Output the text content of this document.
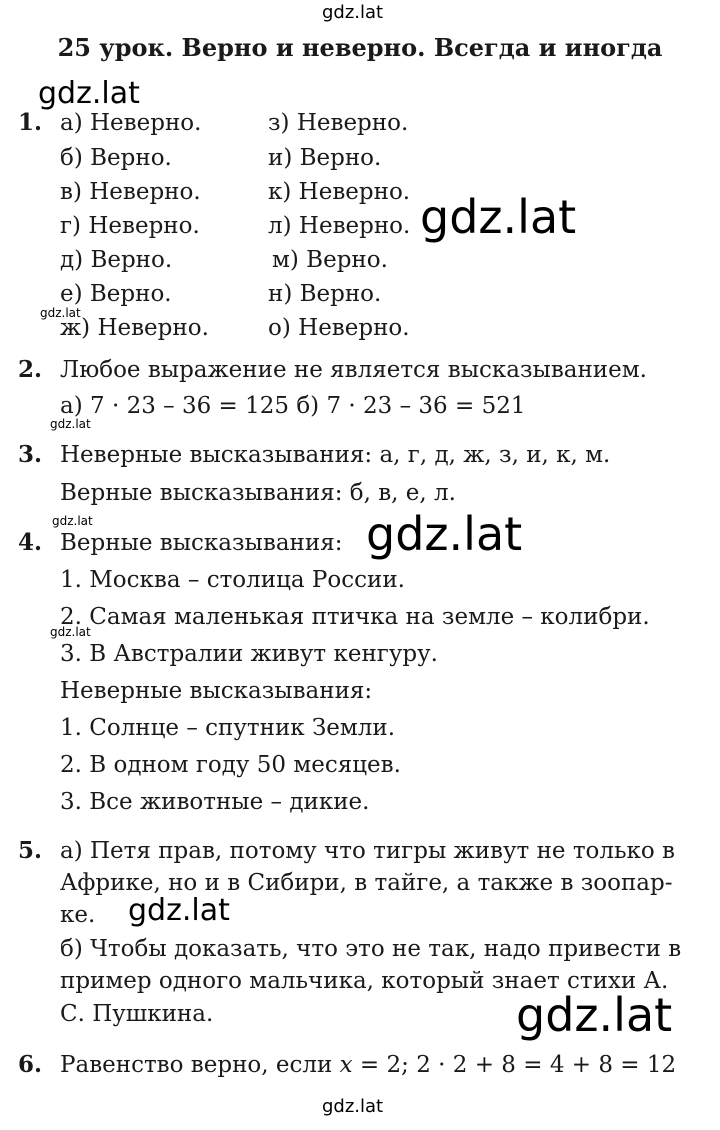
gdz.lat
gdz.lat
gdz.lat
gdz.lat
gdz.lat
gdz.lat	gdz.lat
gdz.lat
gdz.lat
gdz.lat
gdz.lat
25 урок. Верно и неверно. Всегда и иногда
1. а) Неверно.
б) Верно.
в) Неверно.
г) Неверно.
д) Верно.
е) Верно.
ж) Неверно.
з) Неверно.
и) Верно.
к) Неверно.
л) Неверно.
м) Верно.
н) Верно.
о) Неверно.
2. Любое выражение не является высказыванием.
а) 7 · 23 – 36 = 125 б) 7 · 23 – 36 = 521
3. Неверные высказывания: а, г, д, ж, з, и, к, м.
Верные высказывания: б, в, е, л.
4. Верные высказывания:
1. Москва – столица России.
2. Самая маленькая птичка на земле – колибри.
3. В Австралии живут кенгуру.
Неверные высказывания:
1. Солнце – спутник Земли.
2. В одном году 50 месяцев.
3. Все животные – дикие.
5. а) Петя прав, потому что тигры живут не только в
Африке, но и в Сибири, в тайге, а также в зоопар-
ке.
б) Чтобы доказать, что это не так, надо привести в
пример одного мальчика, который знает стихи А.
С. Пушкина.
6. Равенство верно, если x = 2; 2 · 2 + 8 = 4 + 8 = 12
